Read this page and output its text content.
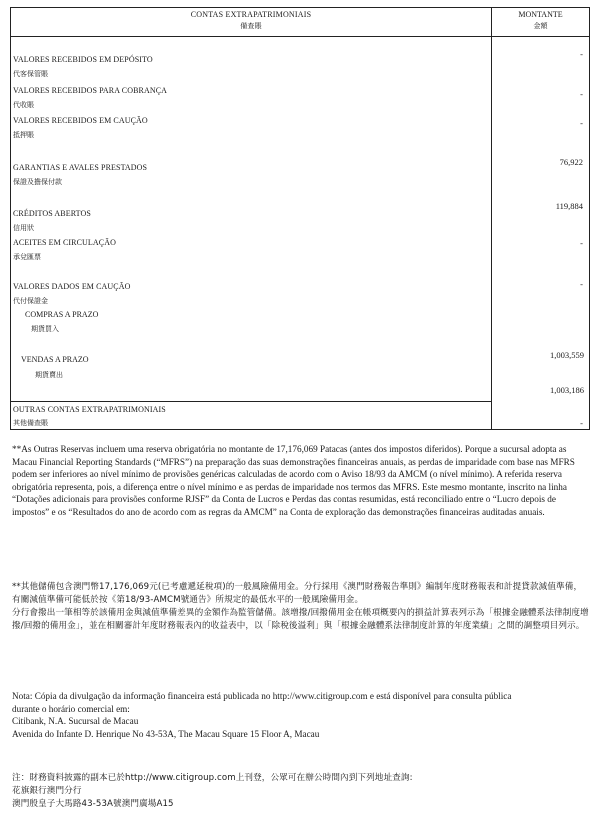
CONTAS EXTRAPATRIMONIAIS
備查賬
MONTANTE
金額
VALORES RECEBIDOS EM DEPÓSITO
代客保管賬
-
VALORES RECEBIDOS PARA COBRANÇA
代收賬
-
VALORES RECEBIDOS EM CAUÇÃO
抵押賬
-
GARANTIAS E AVALES PRESTADOS
保證及擔保付款
76,922
CRÉDITOS ABERTOS
信用狀
119,884
ACEITES EM CIRCULAÇÃO
承兌匯票
-
VALORES DADOS EM CAUÇÃO
代付保證金
-
COMPRAS A PRAZO
期貨買入
1,003,559
VENDAS A PRAZO
期貨賣出
1,003,186
OUTRAS CONTAS EXTRAPATRIMONIAIS
其他備查賬	-

**As Outras Reservas incluem uma reserva obrigatória no montante de 17,176,069 Patacas (antes dos impostos diferidos). Porque a sucursal adopta as Macau Financial Reporting Standards (“MFRS”) na preparação das suas demonstrações financeiras anuais, as perdas de imparidade com base nas MFRS podem ser inferiores ao nível mínimo de provisões genéricas calculadas de acordo com o Aviso 18/93 da AMCM (o nível mínimo). A referida reserva obrigatória representa, pois, a diferença entre o nível mínimo e as perdas de imparidade nos termos das MFRS. Este mesmo montante, inscrito na linha “Dotações adicionais para provisões conforme RJSF” da Conta de Lucros e Perdas das contas resumidas, está reconciliado entre o “Lucro depois de impostos” e os “Resultados do ano de acordo com as regras da AMCM” na Conta de exploração das demonstrações financeiras auditadas anuais.

**其他儲備包含澳門幣17,176,069元(已考慮遞延稅項)的一般風險備用金。分行採用《澳門財務報告準則》編制年度財務報表和計提貸款減值準備，有關減值準備可能低於按《第18/93-AMCM號通告》所規定的最低水平的一般風險備用金。

分行會撥出一筆相等於該備用金與減值準備差異的金額作為監管儲備。該增撥/回撥備用金在帳項概要內的損益計算表列示為「根據金融體系法律制度增撥/回撥的備用金」，並在相關審計年度財務報表內的收益表中，以「除稅後溢利」與「根據金融體系法律制度計算的年度業績」之間的調整項目列示。

Nota: Cópia da divulgação da informação financeira está publicada no http://www.citigroup.com e está disponível para consulta pública

durante o horário comercial em:

Citibank, N.A. Sucursal de Macau

Avenida do Infante D. Henrique No 43-53A, The Macau Square 15 Floor A, Macau

注：財務資料披露的副本已於http://www.citigroup.com上刊登，公眾可在辦公時間內到下列地址查詢:

花旗銀行澳門分行

澳門殷皇子大馬路43-53A號澳門廣場A15
